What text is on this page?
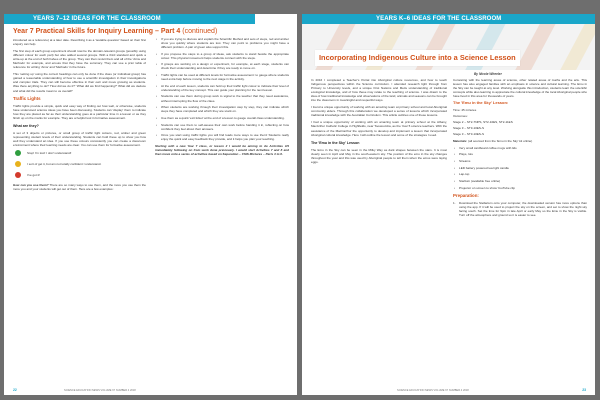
YEARS 7–12 IDEAS FOR THE CLASSROOM
Year 7 Practical Skills for Inquiry Learning – Part 4 (continued)

introduced as a reference) at a later date. Describing it as a 'testable question' based on their first enquiry can help.

The first step of each group experiment should now be the domain-relevant groups (possibly using different colour for each part) but also added several groups. With a third standard and quick a write-up at the end of both halves of the group. They can then revisit them and all of the 'Aims and Methods' for example, and ensure that they have the summary. They can use a prior table of reference for writing 'Aims' and 'Methods' in the future.

This 'setting up' using the correct headings can only be done if the class (or individual group) has gained a reasonable understanding of how to use a scientific investigation in their investigations and complex trials. They can still become effective in their own and move growing as students. Was there anything to do? 'How did we do it?' 'What did we find happening?' What did we deduce and what did the results mean to us overall?

Traffic Lights

Traffic lights provide a simple, quick and easy way of finding out how well, or otherwise, students have understood science ideas you have been discussing. Students can 'display' them to indicate how they are placed as far as their understanding goes at a particular time in a lesson or as they finish up on the marks for example. They are a helpful tool in formative assessment.

What are they?

A set of 3 objects or pictures, or small group of traffic light colours, red, amber and green representing student levels of their understanding. Students can hold these up to show you how well they understand an idea. If you use these colours consistently you can create a classroom environment where their learning needs are clear. You can use them for formative assessment.

Stop! I'm lost! I don't understand!
I sort of get it, but am not totally confident I understand.
I've got it!

How can you use them? There are so many ways to use them, and the more you use them the more you and your students will get out of them. Here are a few examples:

• If you are trying to discuss and explain the Scientific Method and sets of steps, red and amber show you quickly where students are lost. They can point to problems you might have a different problem. A pair of green also support this.
• If you propose the steps to a group of ideas, ask students to stand beside the appropriate colour. This physical movement helps students connect with the steps.
• If groups are working on a design or experiment, for example, at each stage, students can check their understanding and determine if they are ready to move on.
• Traffic lights can be used at different levels for formative assessment: to gauge where students need extra help before moving to the next stage in the activity.
• At the end of each lesson, students can hold up their traffic light colour to indicate their level of understanding of the key concept. This can guide your planning for the next lesson.
• Students can use them during group work to signal to the teacher that they need assistance, without interrupting the flow of the class.
• When students are working through their investigation step by step, they can indicate which steps they have completed and which they are stuck on.
• Use them as a quick 'exit ticket' at the end of a lesson to gauge overall class understanding.
• Students can use them to self-assess their own work before handing it in, reflecting on how confident they feel about their answers.
• Once you start using traffic lights you will find loads more ways to use them! Students really enjoy the quick and easy feedback they provide, and it helps you plan your teaching.

Starting with a new Year 7 class, or lesson 2 I would be aiming to do Activities 3/4 immediately following on from work done previously. I would start Activities 7 and 8 and then move onto a series of activities based on Separation – CSIS Mixtures – Parts 4 to 6.

22	SCIENCE EDUCATION NEWS VOLUME 67 NUMBER 4 2018
YEARS K–6 IDEAS FOR THE CLASSROOM
Incorporating Indigenous Culture into a Science Lesson
By Nicole Wheeler

In 2016 I completed a Teacher's Portal into Aboriginal culture resources, and how to teach Indigenous perspectives within the Science curriculum. I attended research light through from Primary to University levels, and a unique First Nations and Metis understanding of traditional ecological knowledge, and of how these may relate to the teaching of science. I was drawn to the idea of how traditional knowledge and observations of the land, animals and seasons can be brought into the classroom in meaningful and respectful ways.

I found a unique opportunity of working with an amazing team at primary school and local Aboriginal community elders. Through this collaboration we developed a series of lessons which incorporated traditional knowledge with the Australian Curriculum. This article outlines one of these lessons.

I had a unique opportunity of working with an amazing team at primary school at the Albany, MacArthur Catholic College in Highfields, near Toowoomba, as the Year 5 science teachers. With the assistance of the MacCarthur the opportunity to develop and implement a lesson that incorporated Aboriginal cultural knowledge. Here I will outline the lesson and some of the strategies I used.

The 'Emu in the Sky' Lesson

The Emu in the Sky can be seen in the Milky Way as dark shapes between the stars. It is most clearly seen in April and May in the south-eastern sky. The position of the emu in the sky changes throughout the year and this was used by Aboriginal people to tell them when the emus were laying eggs.

Consisting with the learning areas of science, other related areas of maths and the arts. This lesson has also engaged families with an emphasis in science and cultural learning. The Emu in the Sky can be taught at any level. Working alongside this introduction, students learn the scientific concepts while also learning to appreciate the cultural knowledge of the local Aboriginal people who have lived in this area for thousands of years.

The 'Emu in the Sky' Lesson:
Time: 45 minutes
Outcomes:
Stage 2 – ST2-7NPS, ST2-10ES, ST2-11ES
Stage 3 – ST3-10ES-S
Stage 3 – ST3-10ES-S

Materials: (all sourced from the 'Emu in the Sky' kit online)

• Very small cardboard coffee mugs with lids
• Plays, lots
• Streams
• LED battery powered tea light candle
• Lap-top
• Starlium (available free online)
• Projector on screen to show YouTube clip
Preparation:
1. Download the Stellarium onto your computer, the downloaded version has more options than using the app. If it will be used to project the sky on the screen, and set to show the night sky facing south. Set the time for 9pm in late April or early May so the Emu in the Sky is visible. Turn off the atmosphere and ground so it is easier to see.
SCIENCE EDUCATION NEWS VOLUME 67 NUMBER 4 2018	23
